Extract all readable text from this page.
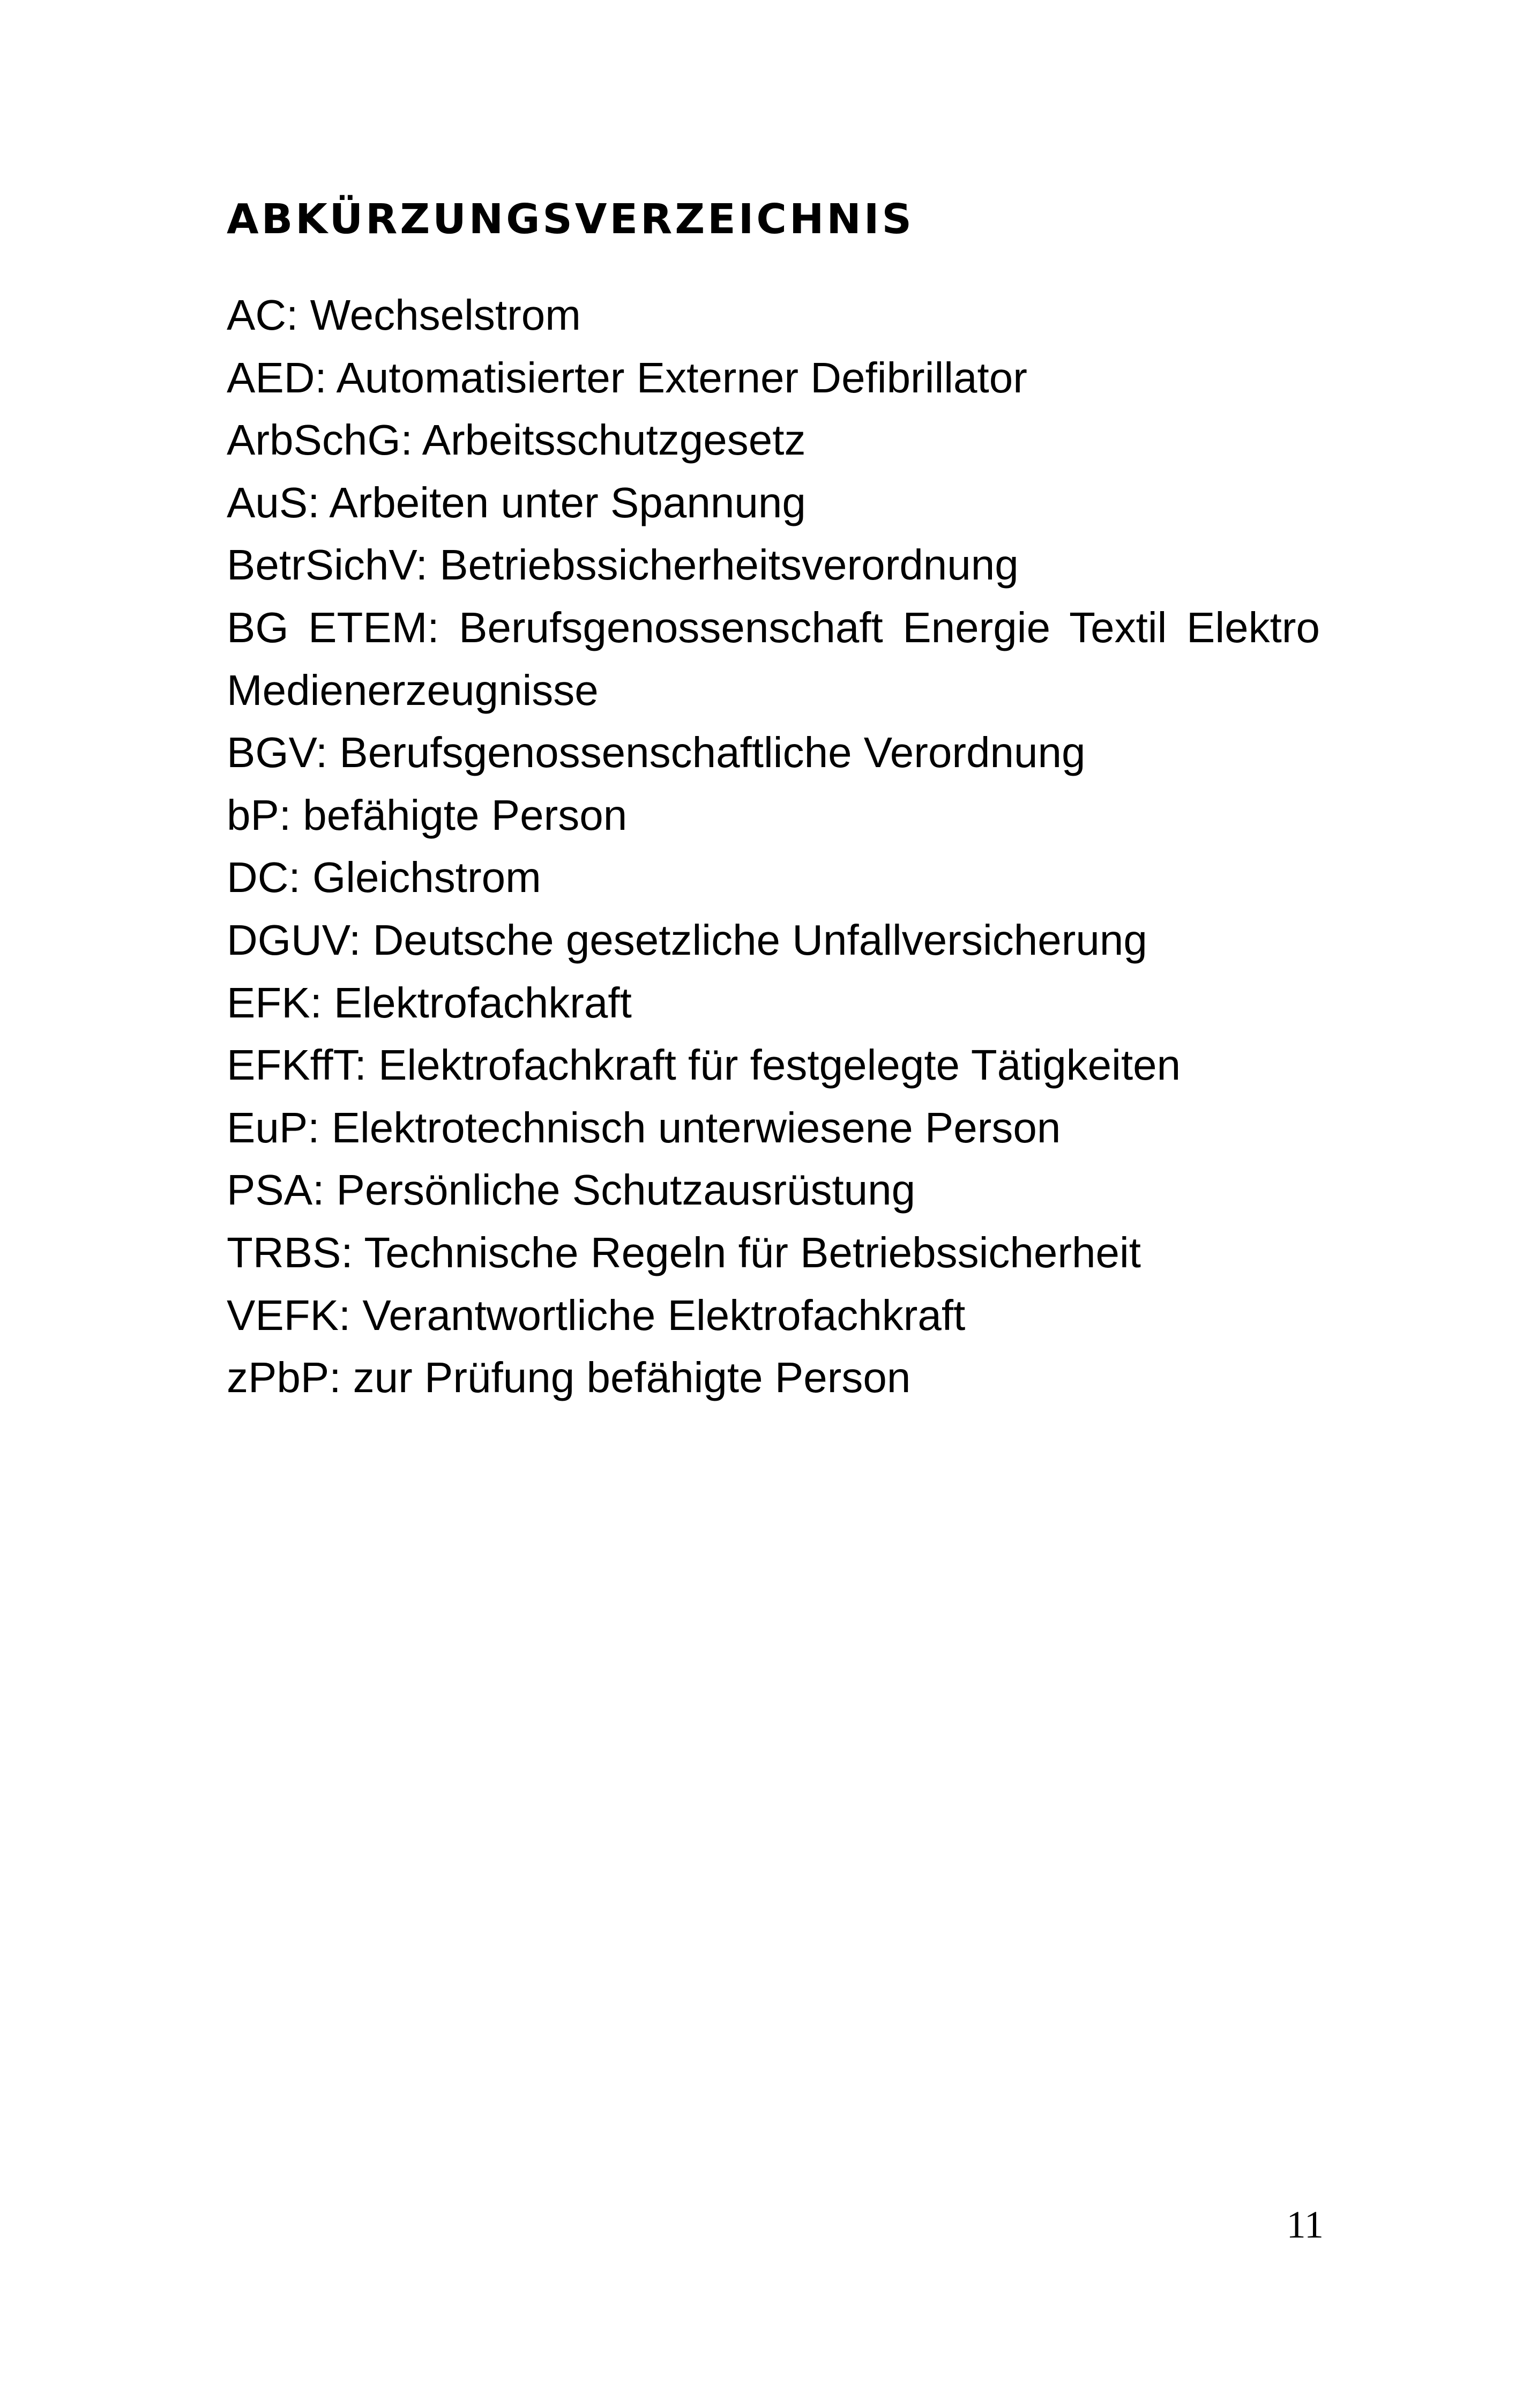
ABKÜRZUNGSVERZEICHNIS
AC: Wechselstrom
AED: Automatisierter Externer Defibrillator
ArbSchG: Arbeitsschutzgesetz
AuS: Arbeiten unter Spannung
BetrSichV: Betriebssicherheitsverordnung
BG ETEM: Berufsgenossenschaft Energie Textil Elektro Medienerzeugnisse
BGV: Berufsgenossenschaftliche Verordnung
bP: befähigte Person
DC: Gleichstrom
DGUV: Deutsche gesetzliche Unfallversicherung
EFK: Elektrofachkraft
EFKffT: Elektrofachkraft für festgelegte Tätigkeiten
EuP: Elektrotechnisch unterwiesene Person
PSA: Persönliche Schutzausrüstung
TRBS: Technische Regeln für Betriebssicherheit
VEFK: Verantwortliche Elektrofachkraft
zPbP: zur Prüfung befähigte Person
11
